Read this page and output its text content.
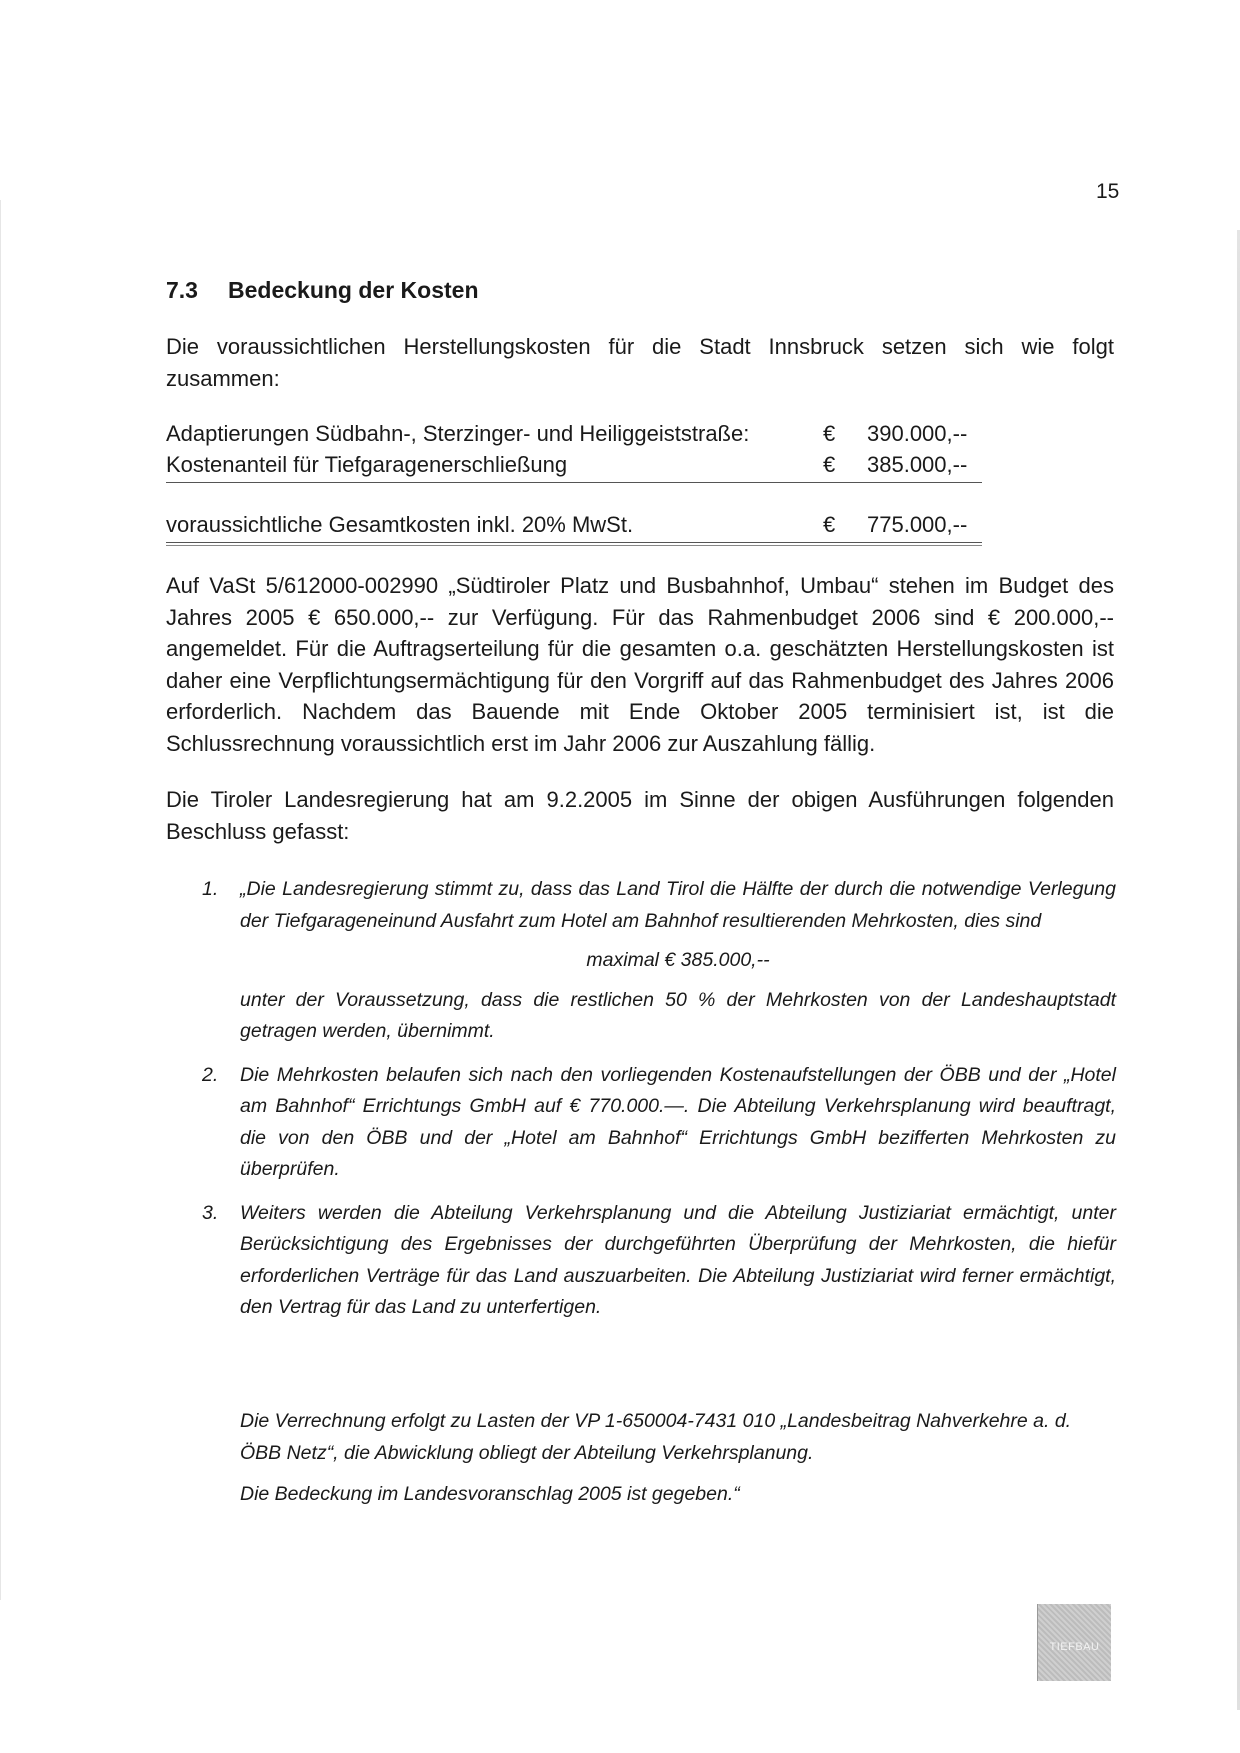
15
7.3 Bedeckung der Kosten
Die voraussichtlichen Herstellungskosten für die Stadt Innsbruck setzen sich wie folgt zusammen:
Adaptierungen Südbahn-, Sterzinger- und Heiliggeiststraße:	€ 390.000,--
Kostenanteil für Tiefgaragenerschließung	€ 385.000,--
voraussichtliche Gesamtkosten inkl. 20% MwSt.	€ 775.000,--
Auf VaSt 5/612000-002990 „Südtiroler Platz und Busbahnhof, Umbau“ stehen im Budget des Jahres 2005 € 650.000,-- zur Verfügung. Für das Rahmenbudget 2006 sind € 200.000,-- angemeldet. Für die Auftragserteilung für die gesamten o.a. geschätzten Herstellungskosten ist daher eine Verpflichtungsermächtigung für den Vorgriff auf das Rahmenbudget des Jahres 2006 erforderlich. Nachdem das Bauende mit Ende Oktober 2005 terminisiert ist, ist die Schlussrechnung voraussichtlich erst im Jahr 2006 zur Auszahlung fällig.
Die Tiroler Landesregierung hat am 9.2.2005 im Sinne der obigen Ausführungen folgenden Beschluss gefasst:
1. „Die Landesregierung stimmt zu, dass das Land Tirol die Hälfte der durch die notwendige Verlegung der Tiefgarageneinund Ausfahrt zum Hotel am Bahnhof resultierenden Mehrkosten, dies sind
maximal € 385.000,--
unter der Voraussetzung, dass die restlichen 50 % der Mehrkosten von der Landeshauptstadt getragen werden, übernimmt.
2. Die Mehrkosten belaufen sich nach den vorliegenden Kostenaufstellungen der ÖBB und der „Hotel am Bahnhof“ Errichtungs GmbH auf € 770.000.—. Die Abteilung Verkehrsplanung wird beauftragt, die von den ÖBB und der „Hotel am Bahnhof“ Errichtungs GmbH bezifferten Mehrkosten zu überprüfen.
3. Weiters werden die Abteilung Verkehrsplanung und die Abteilung Justiziariat ermächtigt, unter Berücksichtigung des Ergebnisses der durchgeführten Überprüfung der Mehrkosten, die hiefür erforderlichen Verträge für das Land auszuarbeiten. Die Abteilung Justiziariat wird ferner ermächtigt, den Vertrag für das Land zu unterfertigen.

Die Verrechnung erfolgt zu Lasten der VP 1-650004-7431 010 „Landesbeitrag Nahverkehre a. d. ÖBB Netz“, die Abwicklung obliegt der Abteilung Verkehrsplanung.

Die Bedeckung im Landesvoranschlag 2005 ist gegeben.“

TIEFBAU
